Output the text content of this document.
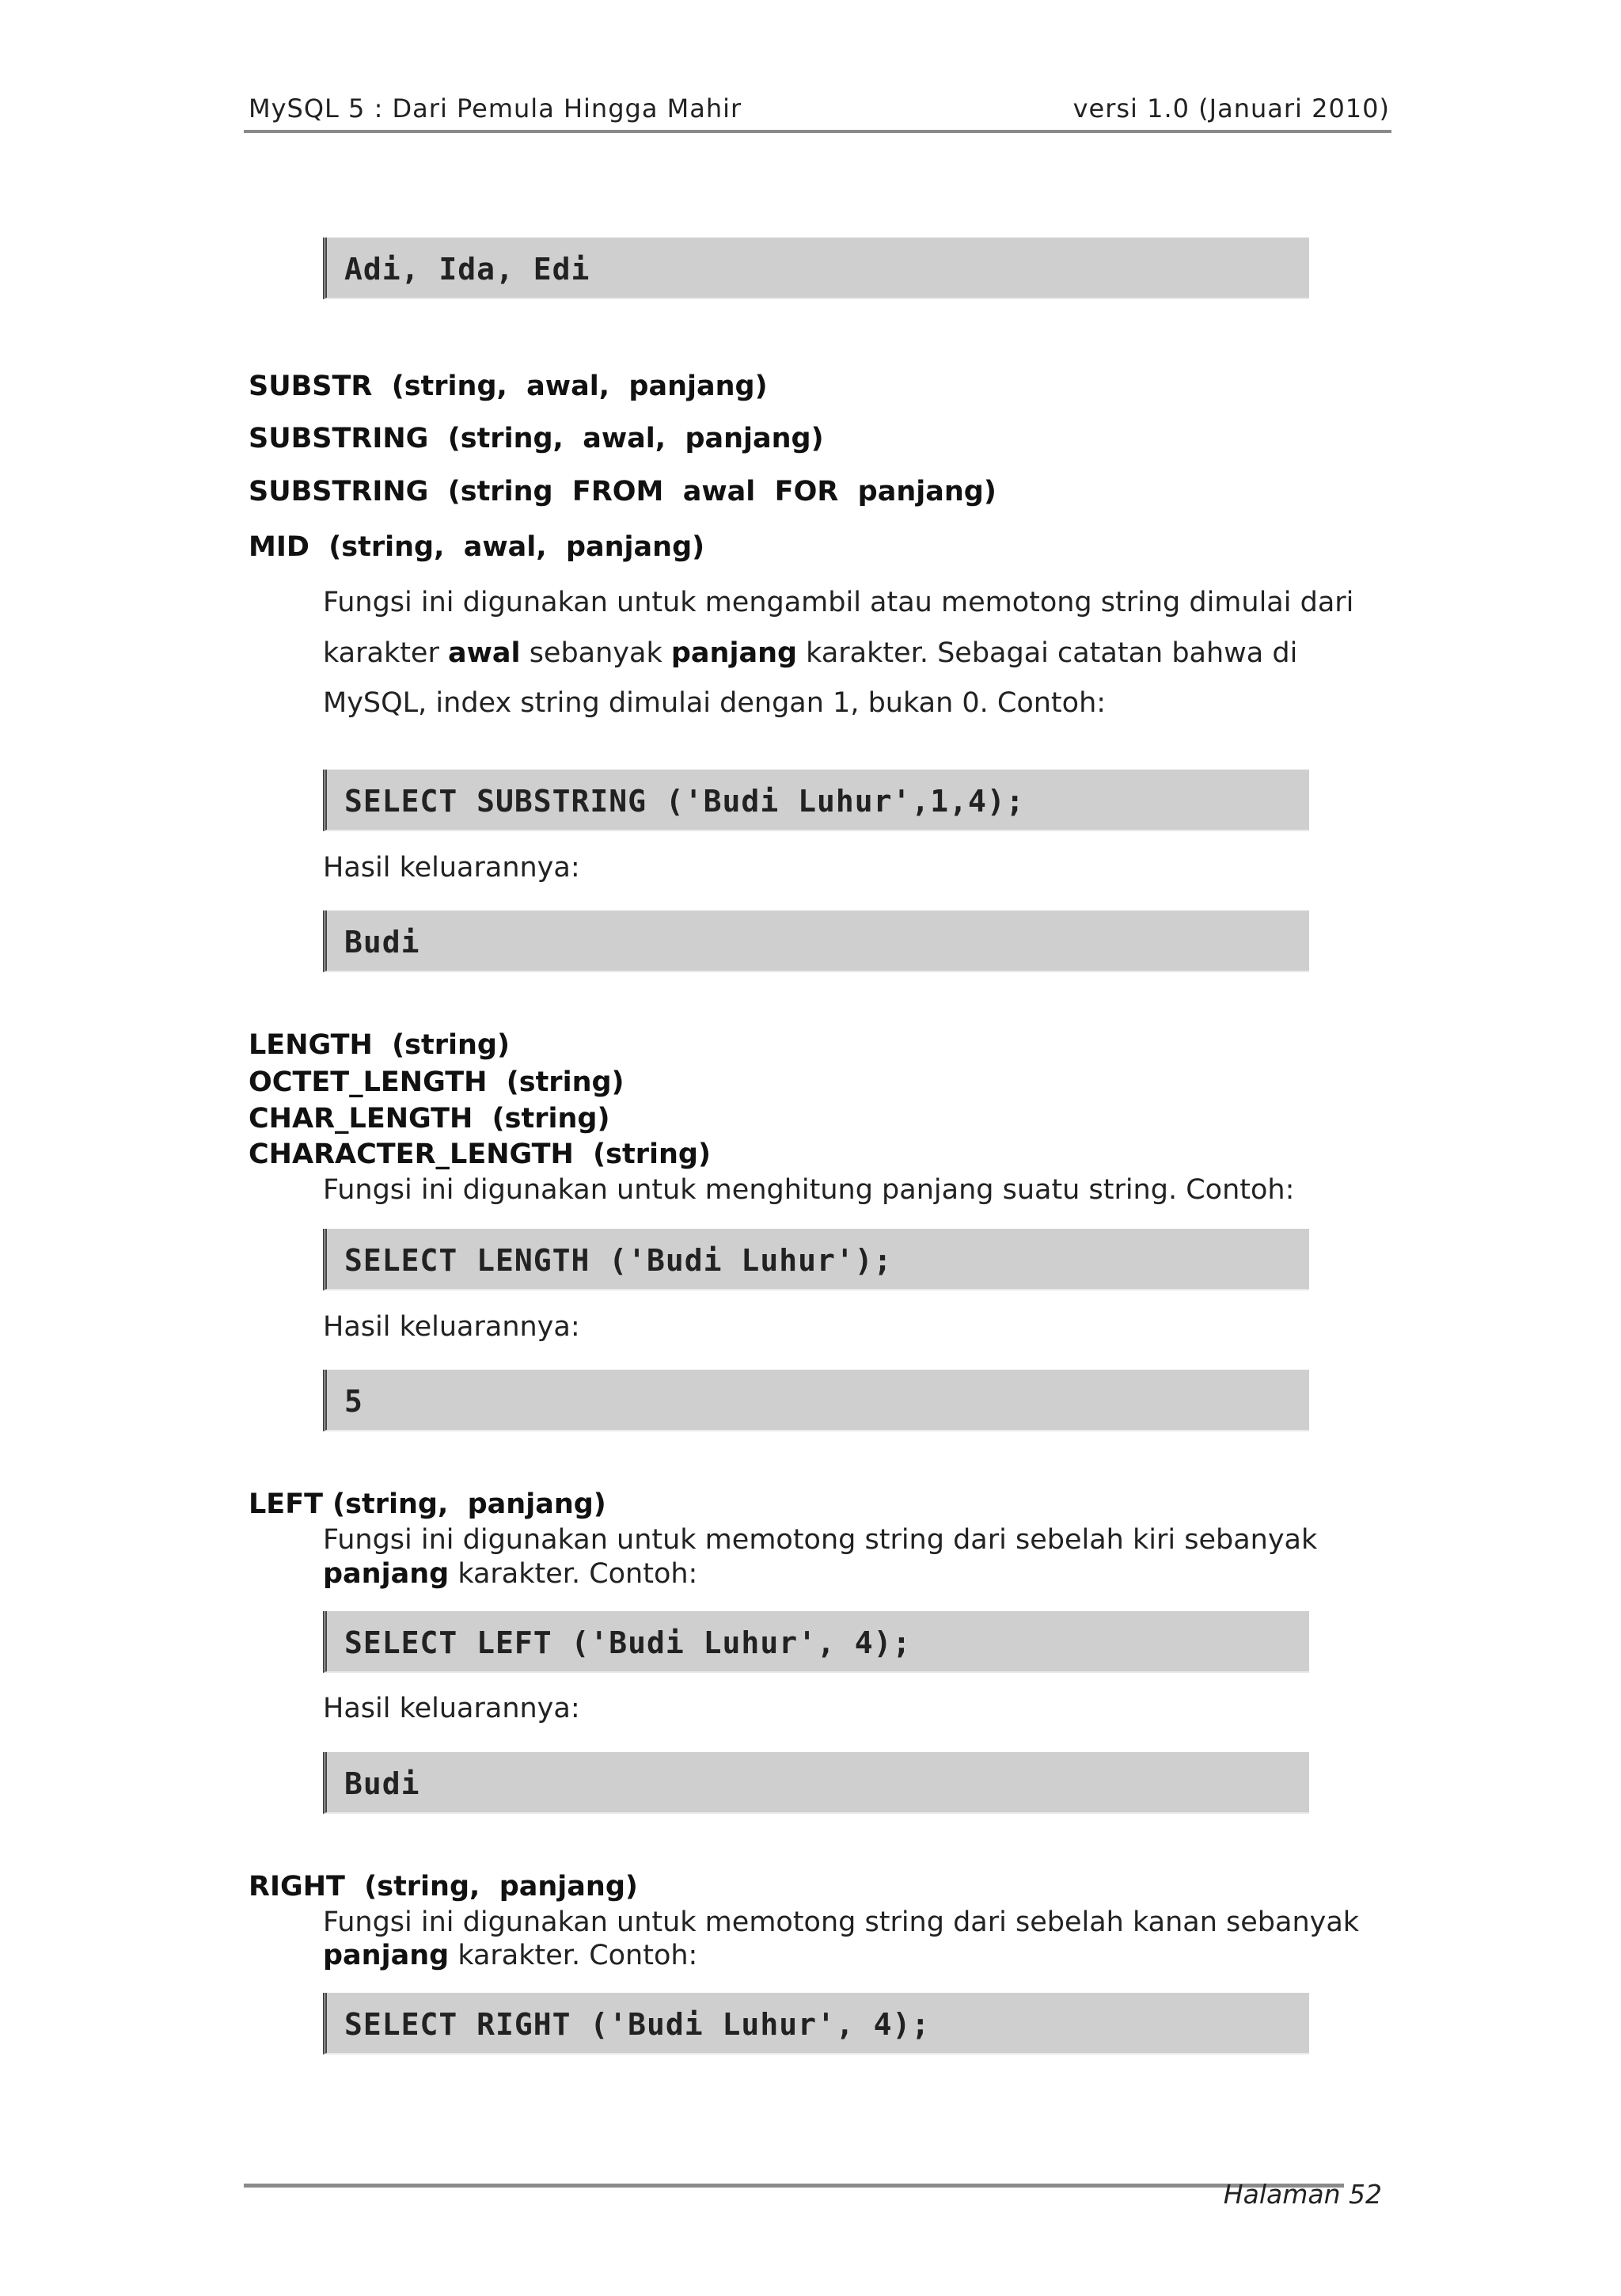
MySQL 5 : Dari Pemula Hingga Mahir	versi 1.0 (Januari 2010)
Adi, Ida, Edi
SUBSTR  (string,  awal,  panjang)
SUBSTRING  (string,  awal,  panjang)
SUBSTRING  (string  FROM  awal  FOR  panjang)
MID  (string,  awal,  panjang)
Fungsi ini digunakan untuk mengambil atau memotong string dimulai dari
karakter awal sebanyak panjang karakter. Sebagai catatan bahwa di
MySQL, index string dimulai dengan 1, bukan 0. Contoh:
SELECT SUBSTRING ('Budi Luhur',1,4);
Hasil keluarannya:
Budi
LENGTH  (string)
OCTET_LENGTH  (string)
CHAR_LENGTH  (string)
CHARACTER_LENGTH  (string)
Fungsi ini digunakan untuk menghitung panjang suatu string. Contoh:
SELECT LENGTH ('Budi Luhur');
Hasil keluarannya:
5
LEFT (string,  panjang)
Fungsi ini digunakan untuk memotong string dari sebelah kiri sebanyak
panjang karakter. Contoh:
SELECT LEFT ('Budi Luhur', 4);
Hasil keluarannya:
Budi
RIGHT  (string,  panjang)
Fungsi ini digunakan untuk memotong string dari sebelah kanan sebanyak
panjang karakter. Contoh:
SELECT RIGHT ('Budi Luhur', 4);
Halaman 52
